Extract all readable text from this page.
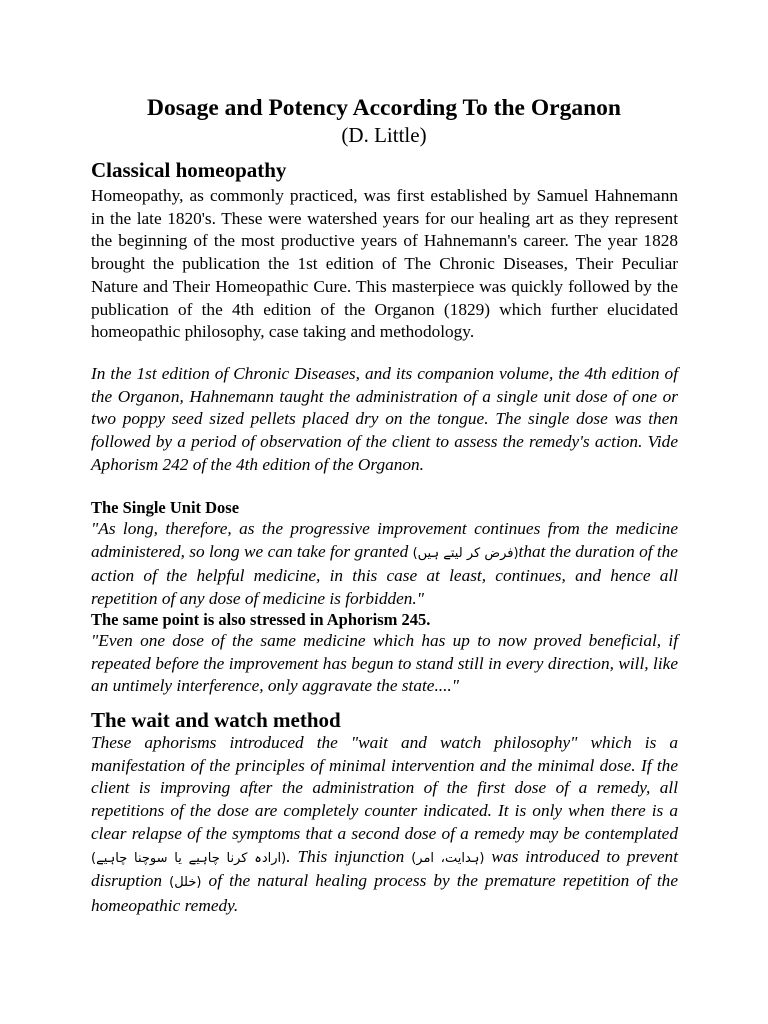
Dosage and Potency According To the Organon
(D. Little)
Classical homeopathy

Homeopathy, as commonly practiced, was first established by Samuel Hahnemann in the late 1820's. These were watershed years for our healing art as they represent the beginning of the most productive years of Hahnemann's career. The year 1828 brought the publication the 1st edition of The Chronic Diseases, Their Peculiar Nature and Their Homeopathic Cure. This masterpiece was quickly followed by the publication of the 4th edition of the Organon (1829) which further elucidated homeopathic philosophy, case taking and methodology.

In the 1st edition of Chronic Diseases, and its companion volume, the 4th edition of the Organon, Hahnemann taught the administration of a single unit dose of one or two poppy seed sized pellets placed dry on the tongue. The single dose was then followed by a period of observation of the client to assess the remedy's action. Vide Aphorism 242 of the 4th edition of the Organon.

The Single Unit Dose

"As long, therefore, as the progressive improvement continues from the medicine administered, so long we can take for granted (فرض کر لیتے ہیں)that the duration of the action of the helpful medicine, in this case at least, continues, and hence all repetition of any dose of medicine is forbidden."

The same point is also stressed in Aphorism 245.

"Even one dose of the same medicine which has up to now proved beneficial, if repeated before the improvement has begun to stand still in every direction, will, like an untimely interference, only aggravate the state...."

The wait and watch method

These aphorisms introduced the "wait and watch philosophy" which is a manifestation of the principles of minimal intervention and the minimal dose. If the client is improving after the administration of the first dose of a remedy, all repetitions of the dose are completely counter indicated. It is only when there is a clear relapse of the symptoms that a second dose of a remedy may be contemplated (ارادہ کرنا چاہیے یا سوچنا چاہیے). This injunction (ہدایت، امر) was introduced to prevent disruption (خلل) of the natural healing process by the premature repetition of the homeopathic remedy.
